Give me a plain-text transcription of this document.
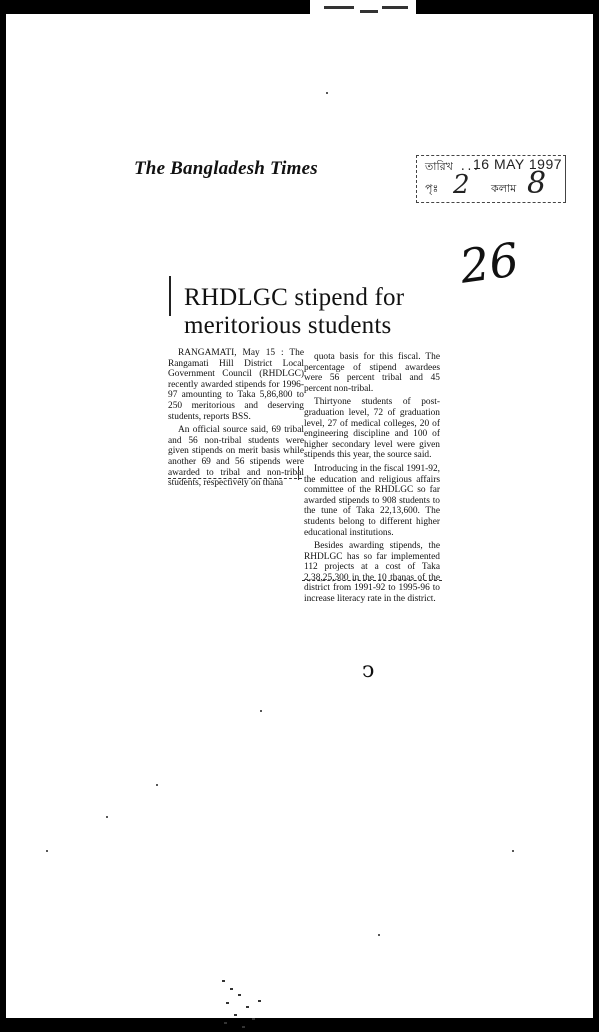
The Bangladesh Times	তারিখ ...
16 MAY 1997
পৃঃ 2 কলাম 8
26
RHDLGC stipend for
meritorious students

RANGAMATI, May 15 : The Rangamati Hill District Local Government Council (RHDLGC) recently awarded stipends for 1996-97 amounting to Taka 5,86,800 to 250 meritorious and deserving students, reports BSS.

An official source said, 69 tribal and 56 non-tribal students were given stipends on merit basis while another 69 and 56 stipends were awarded to tribal and non-tribal students, respectively on thana

quota basis for this fiscal. The percentage of stipend awardees were 56 percent tribal and 45 percent non-tribal.

Thirtyone students of post-graduation level, 72 of graduation level, 27 of medical colleges, 20 of engineering discipline and 100 of higher secondary level were given stipends this year, the source said.

Introducing in the fiscal 1991-92, the education and religious affairs committee of the RHDLGC so far awarded stipends to 908 students to the tune of Taka 22,13,600. The students belong to different higher educational institutions.

Besides awarding stipends, the RHDLGC has so far implemented 112 projects at a cost of Taka 2,38,25,300 in the 10 thanas of the district from 1991-92 to 1995-96 to increase literacy rate in the district.

ↄ
